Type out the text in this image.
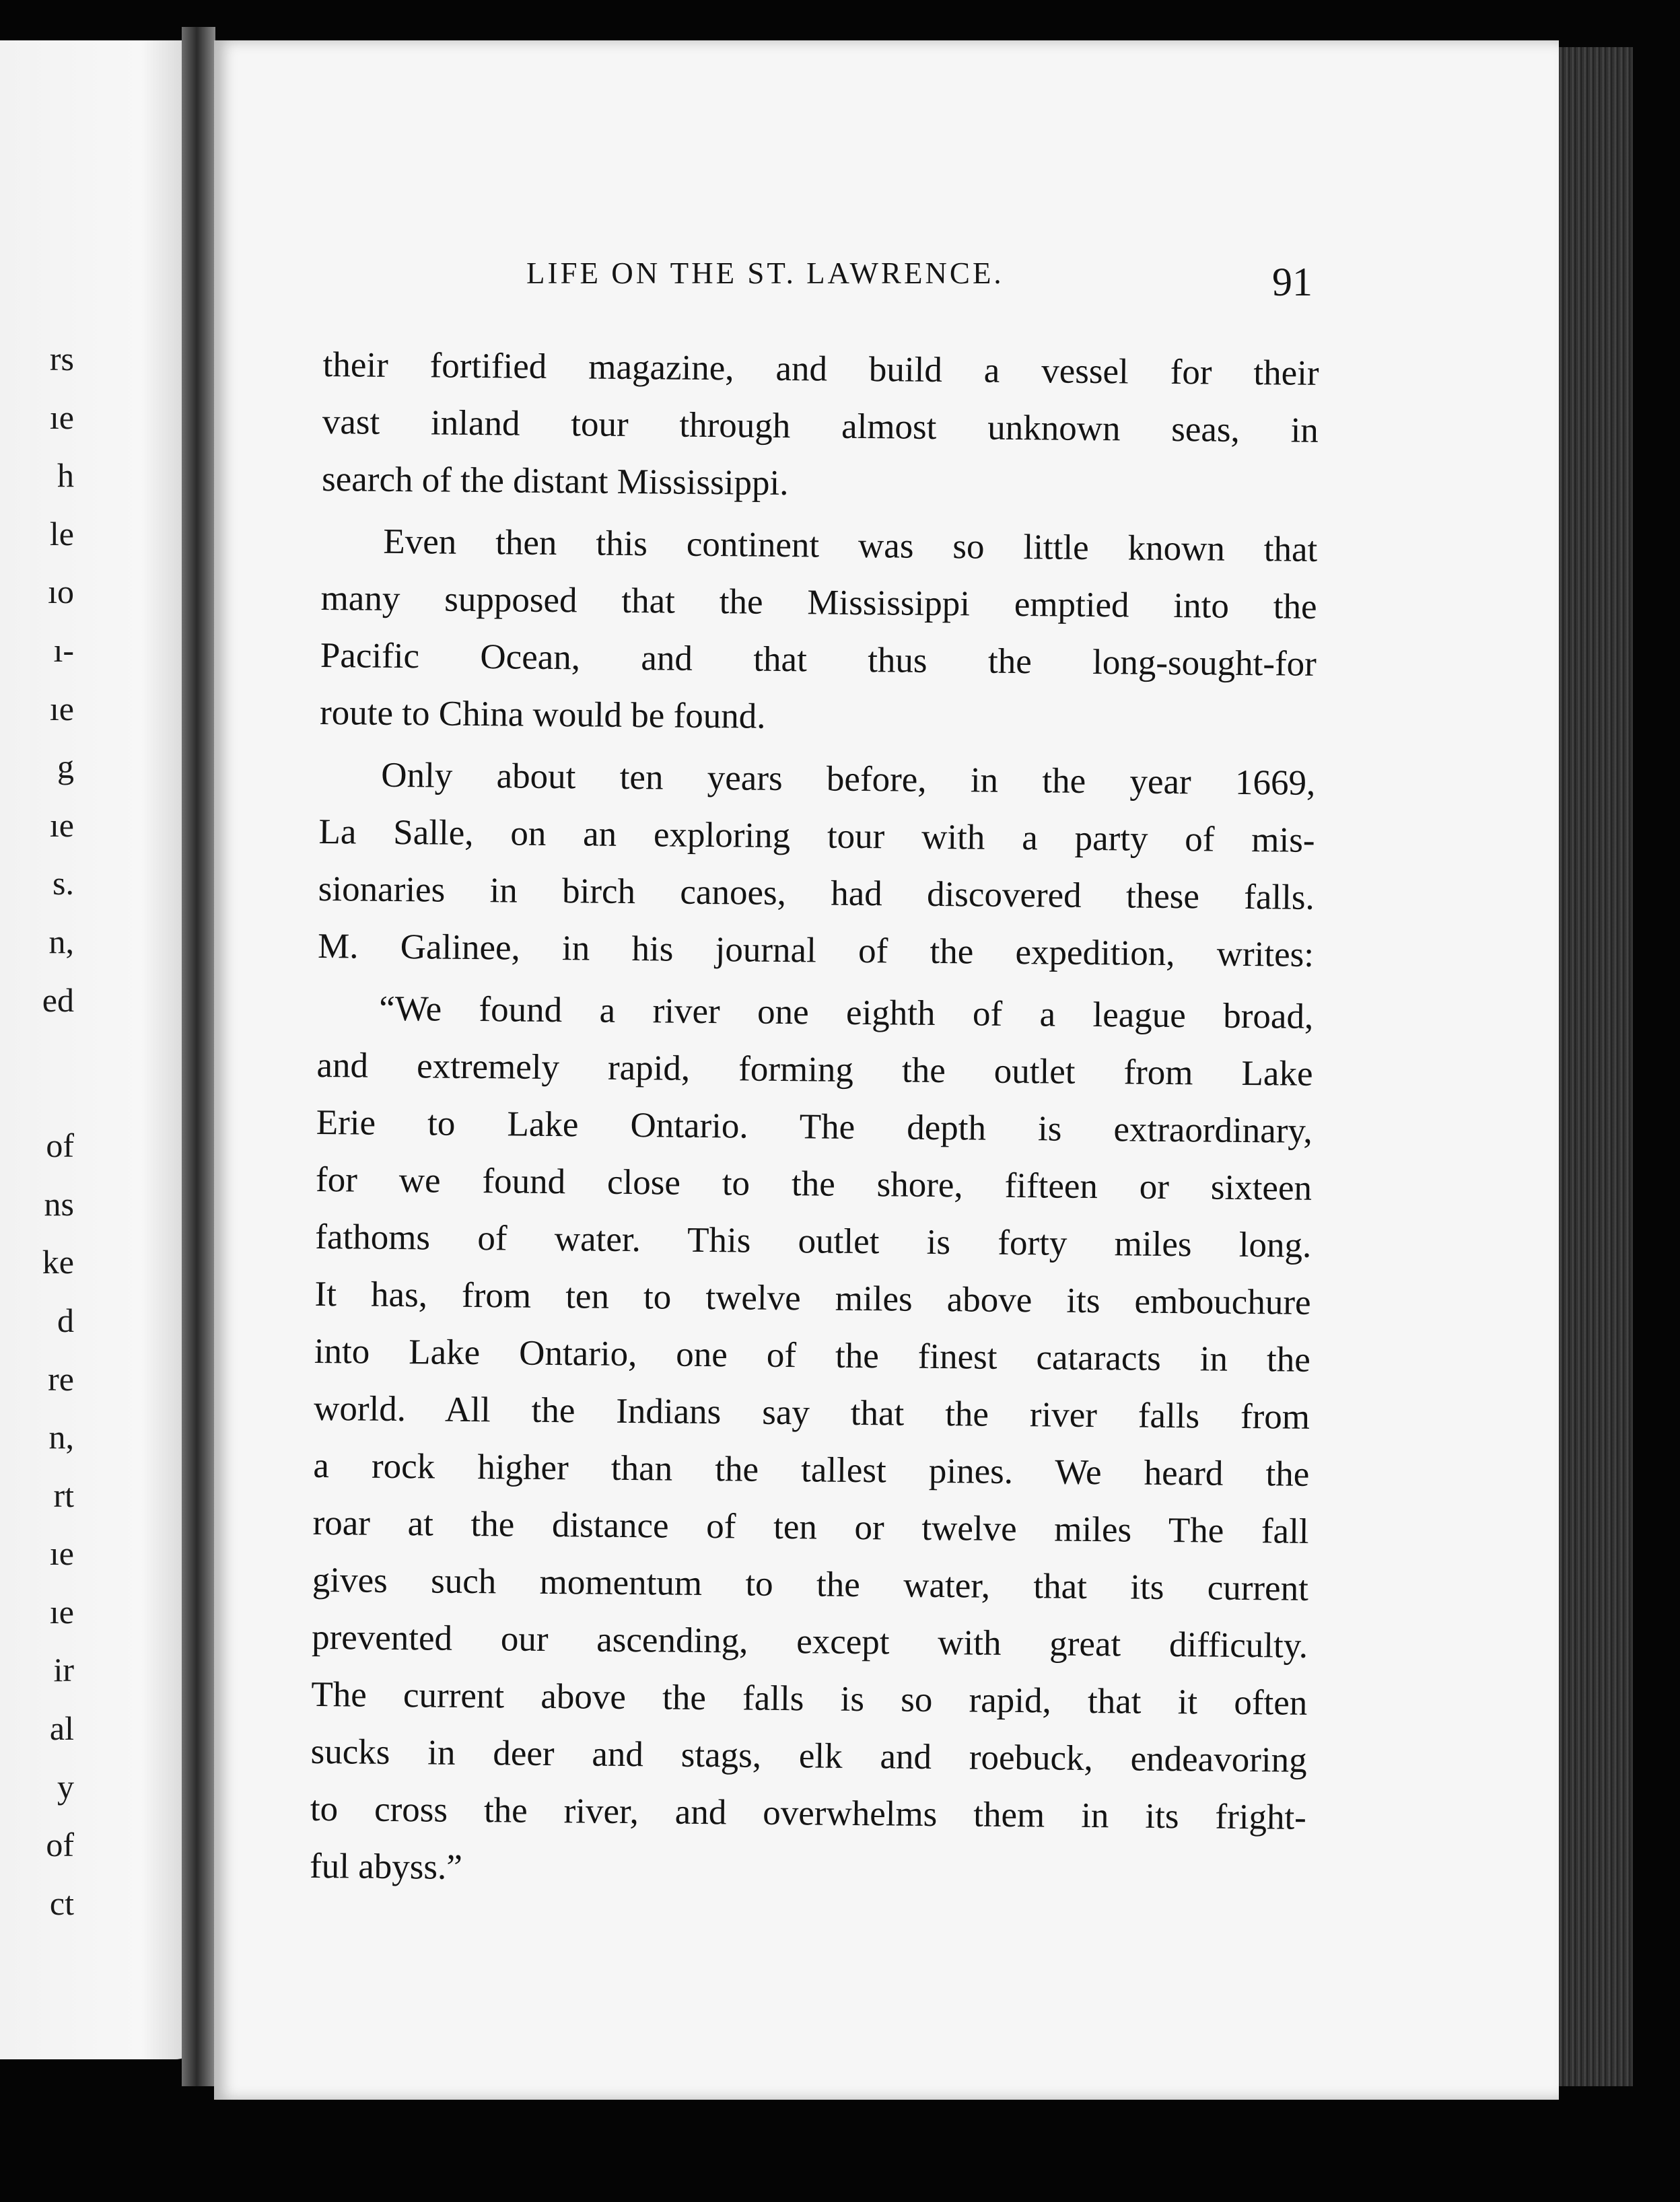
rs
ıe
h
le
ıo
ı-
ıe
g
ıe
s.
n,
ed
of
ns
ke
d
re
n,
rt
ıe
ıe
ir
al
y
of
ct

LIFE ON THE ST. LAWRENCE.	91

their fortified magazine, and build a vessel for their
vast inland tour through almost unknown seas, in
search of the distant Mississippi.
Even then this continent was so little known that
many supposed that the Mississippi emptied into the
Pacific Ocean, and that thus the long-sought-for
route to China would be found.
Only about ten years before, in the year 1669,
La Salle, on an exploring tour with a party of mis-
sionaries in birch canoes, had discovered these falls.
M. Galinee, in his journal of the expedition, writes:
“We found a river one eighth of a league broad,
and extremely rapid, forming the outlet from Lake
Erie to Lake Ontario. The depth is extraordinary,
for we found close to the shore, fifteen or sixteen
fathoms of water. This outlet is forty miles long.
It has, from ten to twelve miles above its embouchure
into Lake Ontario, one of the finest cataracts in the
world. All the Indians say that the river falls from
a rock higher than the tallest pines. We heard the
roar at the distance of ten or twelve miles The fall
gives such momentum to the water, that its current
prevented our ascending, except with great difficulty.
The current above the falls is so rapid, that it often
sucks in deer and stags, elk and roebuck, endeavoring
to cross the river, and overwhelms them in its fright-
ful abyss.”
